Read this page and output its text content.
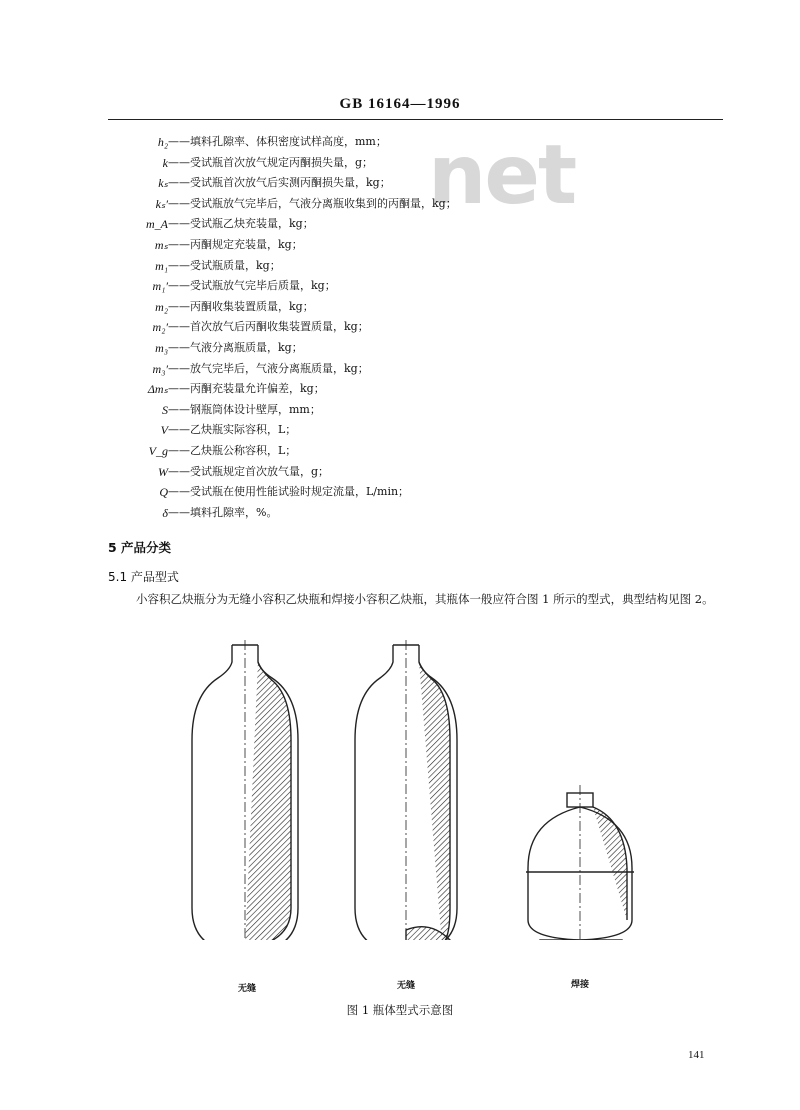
GB 16164—1996
net
h₂ ——填料孔隙率、体积密度试样高度，mm；
k ——受试瓶首次放气规定丙酮损失量，g；
kₛ ——受试瓶首次放气后实测丙酮损失量，kg；
kₛ′ ——受试瓶放气完毕后，气液分离瓶收集到的丙酮量，kg；
m_A ——受试瓶乙炔充装量，kg；
mₛ ——丙酮规定充装量，kg；
m₁ ——受试瓶质量，kg；
m₁′ ——受试瓶放气完毕后质量，kg；
m₂ ——丙酮收集装置质量，kg；
m₂′ ——首次放气后丙酮收集装置质量，kg；
m₃ ——气液分离瓶质量，kg；
m₃′ ——放气完毕后，气液分离瓶质量，kg；
Δmₛ ——丙酮充装量允许偏差，kg；
S ——钢瓶筒体设计壁厚，mm；
V ——乙炔瓶实际容积，L；
V_g ——乙炔瓶公称容积，L；
W ——受试瓶规定首次放气量，g；
Q ——受试瓶在使用性能试验时规定流量，L/min；
δ ——填料孔隙率，%。
5 产品分类
5.1 产品型式
小容积乙炔瓶分为无缝小容积乙炔瓶和焊接小容积乙炔瓶，其瓶体一般应符合图 1 所示的型式，典型结构见图 2。
无缝	无缝	焊接
图 1 瓶体型式示意图
141
